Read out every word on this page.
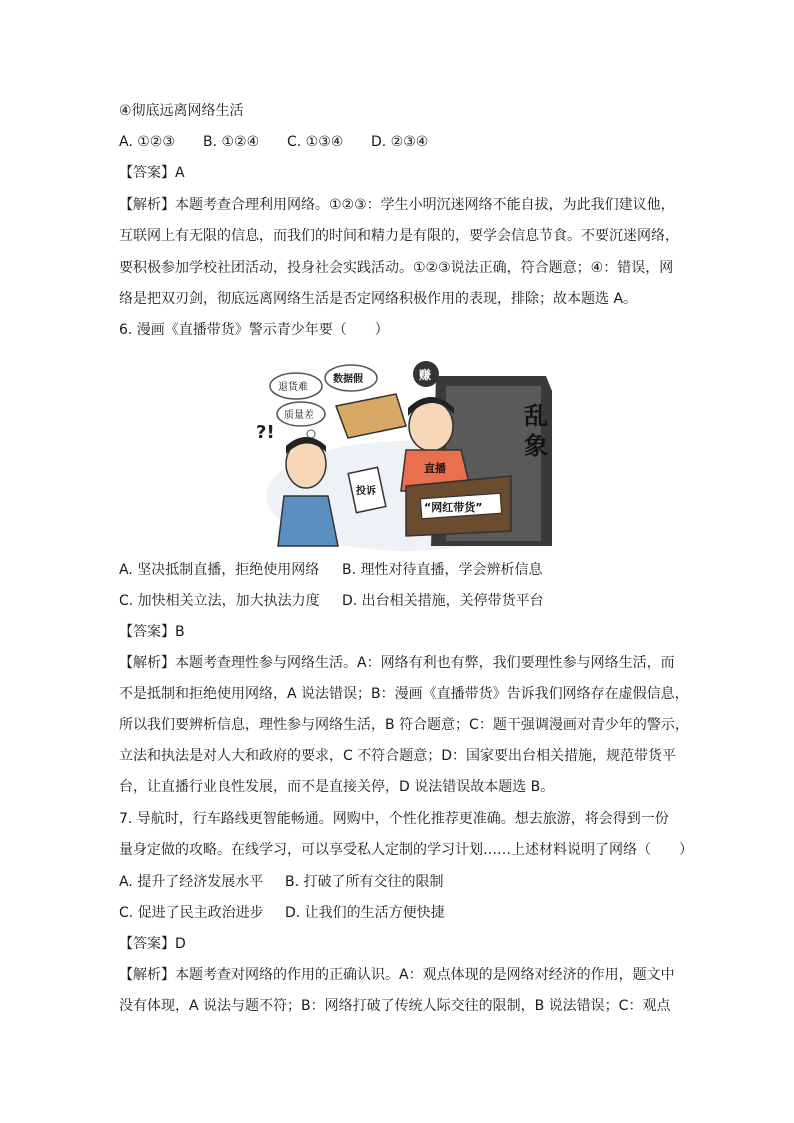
④彻底远离网络生活
A. ①②③ B. ①②④ C. ①③④ D. ②③④
【答案】A
【解析】本题考查合理利用网络。①②③：学生小明沉迷网络不能自拔，为此我们建议他，
互联网上有无限的信息，而我们的时间和精力是有限的，要学会信息节食。不要沉迷网络，
要积极参加学校社团活动，投身社会实践活动。①②③说法正确，符合题意；④：错误，网
络是把双刃剑，彻底远离网络生活是否定网络积极作用的表现，排除；故本题选 A。
6. 漫画《直播带货》警示青少年要（　　）
乱
象
退货难
数据假
质量差
?!
投诉
赚
“网红带货”
直播
A. 坚决抵制直播，拒绝使用网络 B. 理性对待直播，学会辨析信息
C. 加快相关立法，加大执法力度 D. 出台相关措施，关停带货平台
【答案】B
【解析】本题考查理性参与网络生活。A：网络有利也有弊，我们要理性参与网络生活，而
不是抵制和拒绝使用网络，A 说法错误；B：漫画《直播带货》告诉我们网络存在虚假信息，
所以我们要辨析信息，理性参与网络生活，B 符合题意；C：题干强调漫画对青少年的警示，
立法和执法是对人大和政府的要求，C 不符合题意；D：国家要出台相关措施，规范带货平
台，让直播行业良性发展，而不是直接关停，D 说法错误故本题选 B。
7. 导航时，行车路线更智能畅通。网购中，个性化推荐更准确。想去旅游，将会得到一份
量身定做的攻略。在线学习，可以享受私人定制的学习计划……上述材料说明了网络（　　）
A. 提升了经济发展水平 B. 打破了所有交往的限制
C. 促进了民主政治进步 D. 让我们的生活方便快捷
【答案】D
【解析】本题考查对网络的作用的正确认识。A：观点体现的是网络对经济的作用，题文中
没有体现，A 说法与题不符；B：网络打破了传统人际交往的限制，B 说法错误；C：观点
